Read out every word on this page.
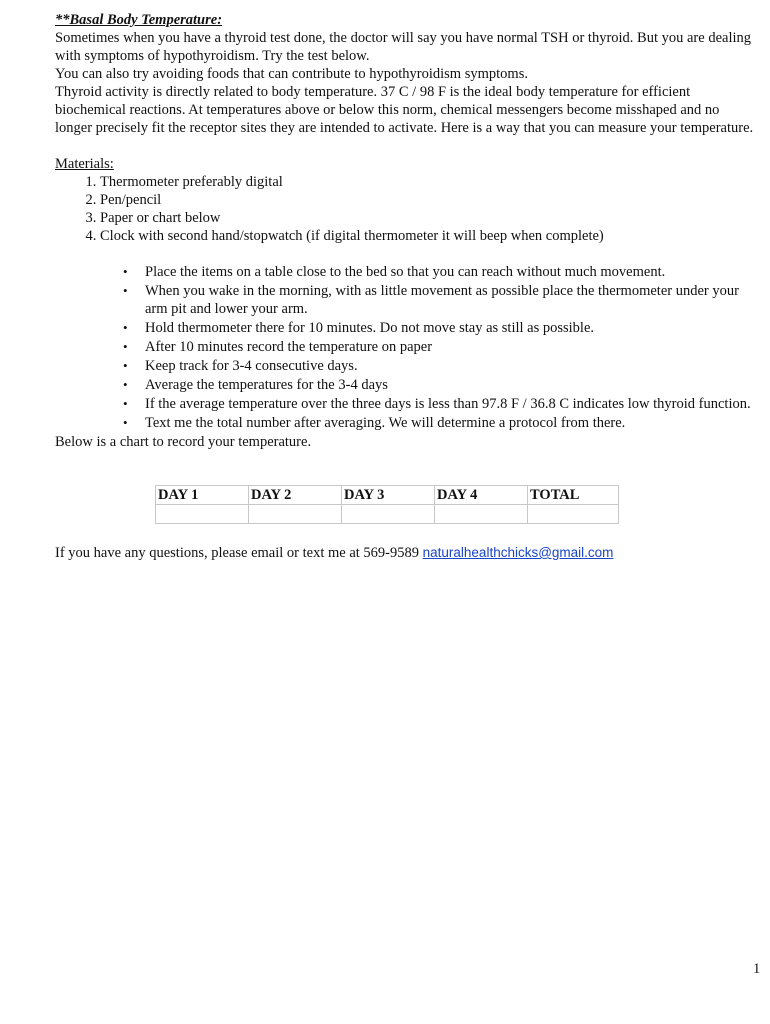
**Basal Body Temperature:

Sometimes when you have a thyroid test done, the doctor will say you have normal TSH or thyroid. But you are dealing with symptoms of hypothyroidism. Try the test below.

You can also try avoiding foods that can contribute to hypothyroidism symptoms.

Thyroid activity is directly related to body temperature. 37 C / 98 F is the ideal body temperature for efficient biochemical reactions. At temperatures above or below this norm, chemical messengers become misshaped and no longer precisely fit the receptor sites they are intended to activate. Here is a way that you can measure your temperature.

Materials:

1. Thermometer preferably digital
2. Pen/pencil
3. Paper or chart below
4. Clock with second hand/stopwatch (if digital thermometer it will beep when complete)
• Place the items on a table close to the bed so that you can reach without much movement.
• When you wake in the morning, with as little movement as possible place the thermometer under your arm pit and lower your arm.
• Hold thermometer there for 10 minutes. Do not move stay as still as possible.
• After 10 minutes record the temperature on paper
• Keep track for 3-4 consecutive days.
• Average the temperatures for the 3-4 days
• If the average temperature over the three days is less than 97.8 F / 36.8 C indicates low thyroid function.
• Text me the total number after averaging. We will determine a protocol from there.

Below is a chart to record your temperature.

DAY 1	DAY 2	DAY 3	DAY 4	TOTAL

If you have any questions, please email or text me at 569-9589 naturalhealthchicks@gmail.com

1
